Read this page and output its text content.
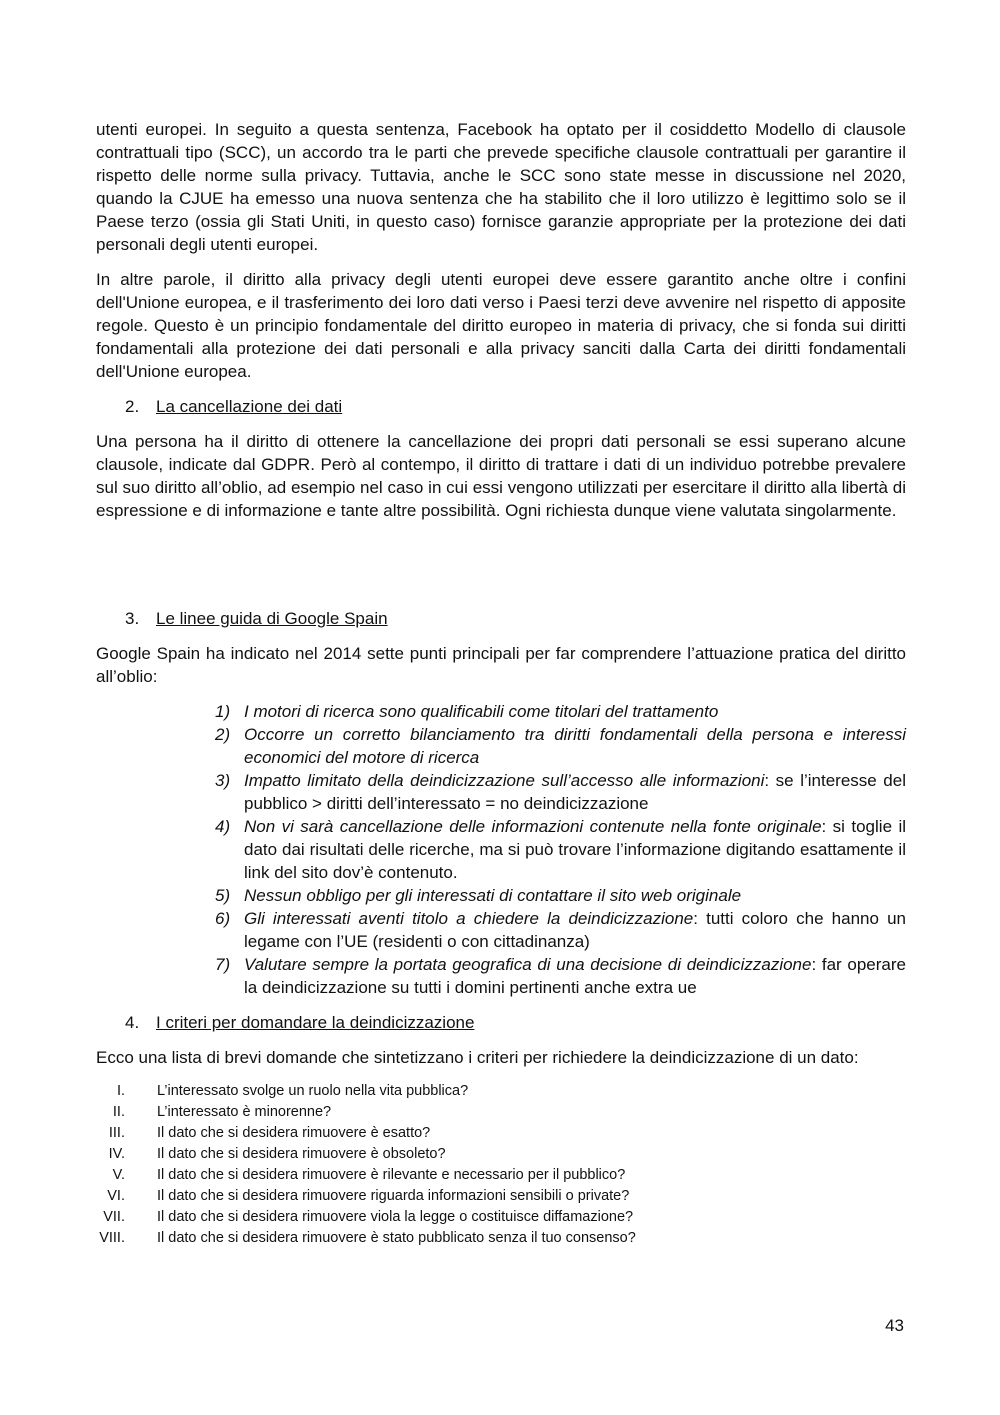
utenti europei. In seguito a questa sentenza, Facebook ha optato per il cosiddetto Modello di clausole contrattuali tipo (SCC), un accordo tra le parti che prevede specifiche clausole contrattuali per garantire il rispetto delle norme sulla privacy. Tuttavia, anche le SCC sono state messe in discussione nel 2020, quando la CJUE ha emesso una nuova sentenza che ha stabilito che il loro utilizzo è legittimo solo se il Paese terzo (ossia gli Stati Uniti, in questo caso) fornisce garanzie appropriate per la protezione dei dati personali degli utenti europei.

In altre parole, il diritto alla privacy degli utenti europei deve essere garantito anche oltre i confini dell'Unione europea, e il trasferimento dei loro dati verso i Paesi terzi deve avvenire nel rispetto di apposite regole. Questo è un principio fondamentale del diritto europeo in materia di privacy, che si fonda sui diritti fondamentali alla protezione dei dati personali e alla privacy sanciti dalla Carta dei diritti fondamentali dell'Unione europea.

2. La cancellazione dei dati

Una persona ha il diritto di ottenere la cancellazione dei propri dati personali se essi superano alcune clausole, indicate dal GDPR. Però al contempo, il diritto di trattare i dati di un individuo potrebbe prevalere sul suo diritto all’oblio, ad esempio nel caso in cui essi vengono utilizzati per esercitare il diritto alla libertà di espressione e di informazione e tante altre possibilità. Ogni richiesta dunque viene valutata singolarmente.

3. Le linee guida di Google Spain

Google Spain ha indicato nel 2014 sette punti principali per far comprendere l’attuazione pratica del diritto all’oblio:

1) I motori di ricerca sono qualificabili come titolari del trattamento
2) Occorre un corretto bilanciamento tra diritti fondamentali della persona e interessi economici del motore di ricerca
3) Impatto limitato della deindicizzazione sull’accesso alle informazioni: se l’interesse del pubblico > diritti dell’interessato = no deindicizzazione
4) Non vi sarà cancellazione delle informazioni contenute nella fonte originale: si toglie il dato dai risultati delle ricerche, ma si può trovare l’informazione digitando esattamente il link del sito dov’è contenuto.
5) Nessun obbligo per gli interessati di contattare il sito web originale
6) Gli interessati aventi titolo a chiedere la deindicizzazione: tutti coloro che hanno un legame con l’UE (residenti o con cittadinanza)
7) Valutare sempre la portata geografica di una decisione di deindicizzazione: far operare la deindicizzazione su tutti i domini pertinenti anche extra ue
4. I criteri per domandare la deindicizzazione

Ecco una lista di brevi domande che sintetizzano i criteri per richiedere la deindicizzazione di un dato:

I. L’interessato svolge un ruolo nella vita pubblica?
II. L’interessato è minorenne?
III. Il dato che si desidera rimuovere è esatto?
IV. Il dato che si desidera rimuovere è obsoleto?
V. Il dato che si desidera rimuovere è rilevante e necessario per il pubblico?
VI. Il dato che si desidera rimuovere riguarda informazioni sensibili o private?
VII. Il dato che si desidera rimuovere viola la legge o costituisce diffamazione?
VIII. Il dato che si desidera rimuovere è stato pubblicato senza il tuo consenso?
43
